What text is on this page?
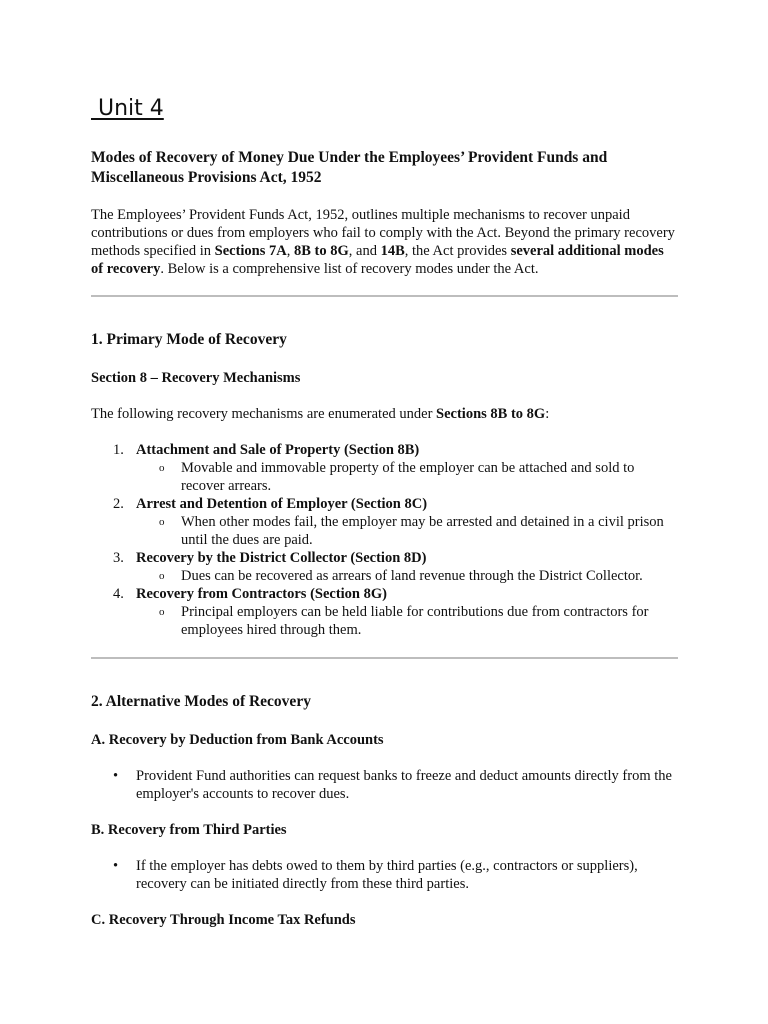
Unit 4
Modes of Recovery of Money Due Under the Employees’ Provident Funds and Miscellaneous Provisions Act, 1952

The Employees’ Provident Funds Act, 1952, outlines multiple mechanisms to recover unpaid contributions or dues from employers who fail to comply with the Act. Beyond the primary recovery methods specified in Sections 7A, 8B to 8G, and 14B, the Act provides several additional modes of recovery. Below is a comprehensive list of recovery modes under the Act.

1. Primary Mode of Recovery
Section 8 – Recovery Mechanisms

The following recovery mechanisms are enumerated under Sections 8B to 8G:

1. Attachment and Sale of Property (Section 8B)
o Movable and immovable property of the employer can be attached and sold to recover arrears.
2. Arrest and Detention of Employer (Section 8C)
o When other modes fail, the employer may be arrested and detained in a civil prison until the dues are paid.
3. Recovery by the District Collector (Section 8D)
o Dues can be recovered as arrears of land revenue through the District Collector.
4. Recovery from Contractors (Section 8G)
o Principal employers can be held liable for contributions due from contractors for employees hired through them.
2. Alternative Modes of Recovery
A. Recovery by Deduction from Bank Accounts
• Provident Fund authorities can request banks to freeze and deduct amounts directly from the employer's accounts to recover dues.
B. Recovery from Third Parties
• If the employer has debts owed to them by third parties (e.g., contractors or suppliers), recovery can be initiated directly from these third parties.
C. Recovery Through Income Tax Refunds
